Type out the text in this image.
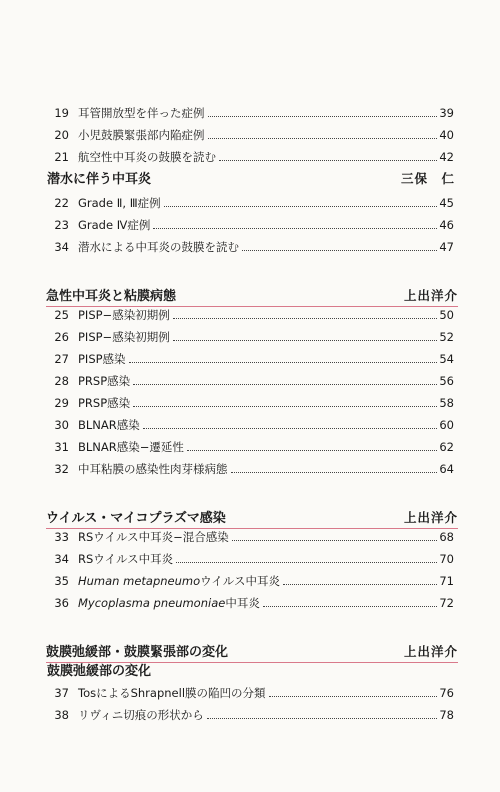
19 耳管開放型を伴った症例	39
20 小児鼓膜緊張部内陥症例	40
21 航空性中耳炎の鼓膜を読む	42
潜水に伴う中耳炎	三保　仁
22 Grade Ⅱ, Ⅲ症例	45
23 Grade Ⅳ症例	46
34 潜水による中耳炎の鼓膜を読む	47
急性中耳炎と粘膜病態	上出洋介
25 PISP−感染初期例	50
26 PISP−感染初期例	52
27 PISP感染	54
28 PRSP感染	56
29 PRSP感染	58
30 BLNAR感染	60
31 BLNAR感染−遷延性	62
32 中耳粘膜の感染性肉芽様病態	64
ウイルス・マイコプラズマ感染	上出洋介
33 RSウイルス中耳炎−混合感染	68
34 RSウイルス中耳炎	70
35 Human metapneumoウイルス中耳炎	71
36 Mycoplasma pneumoniae中耳炎	72
鼓膜弛緩部・鼓膜緊張部の変化	上出洋介
鼓膜弛緩部の変化
37 TosによるShrapnell膜の陥凹の分類	76
38 リヴィニ切痕の形状から	78
